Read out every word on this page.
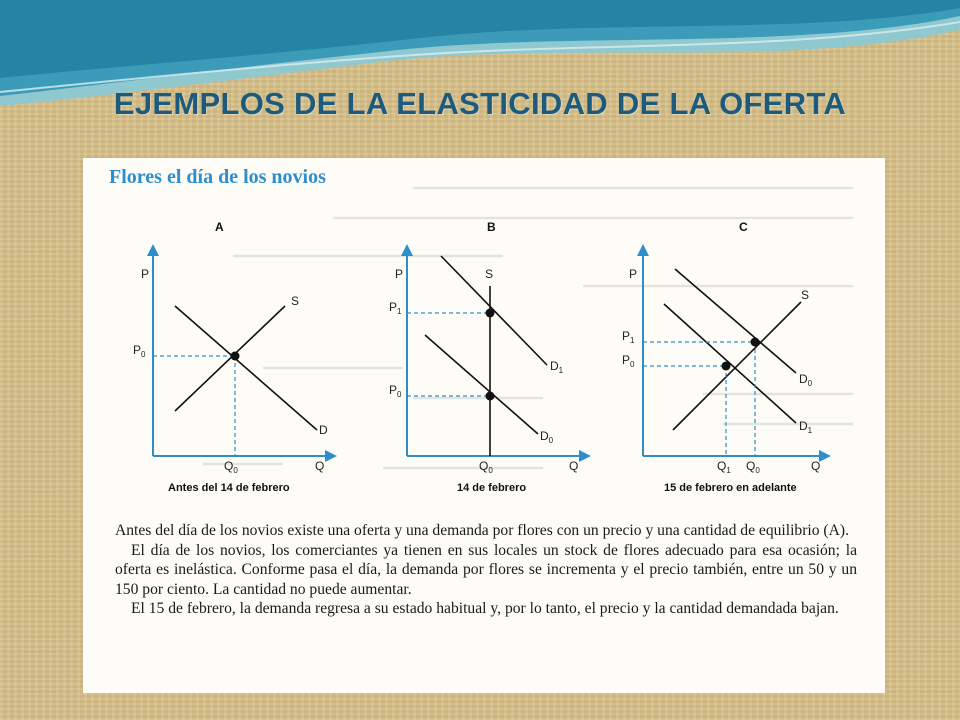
EJEMPLOS DE LA ELASTICIDAD DE LA OFERTA
Flores el día de los novios
A
P
Q
S
D
$P_0$
$Q_0$
Antes del 14 de febrero
B
P
Q
S
$D_1$
$D_0$
$P_1$
$P_0$
$Q_0$
14 de febrero
C
P
Q
S
$D_0$
$D_1$
$P_1$
$P_0$
$Q_1$ $Q_0$
15 de febrero en adelante

Antes del día de los novios existe una oferta y una demanda por flores con un precio y una cantidad de equilibrio (A).

El día de los novios, los comerciantes ya tienen en sus locales un stock de flores adecuado para esa ocasión; la oferta es inelástica. Conforme pasa el día, la demanda por flores se incrementa y el precio también, entre un 50 y un 150 por ciento. La cantidad no puede aumentar.

El 15 de febrero, la demanda regresa a su estado habitual y, por lo tanto, el precio y la cantidad demandada bajan.
